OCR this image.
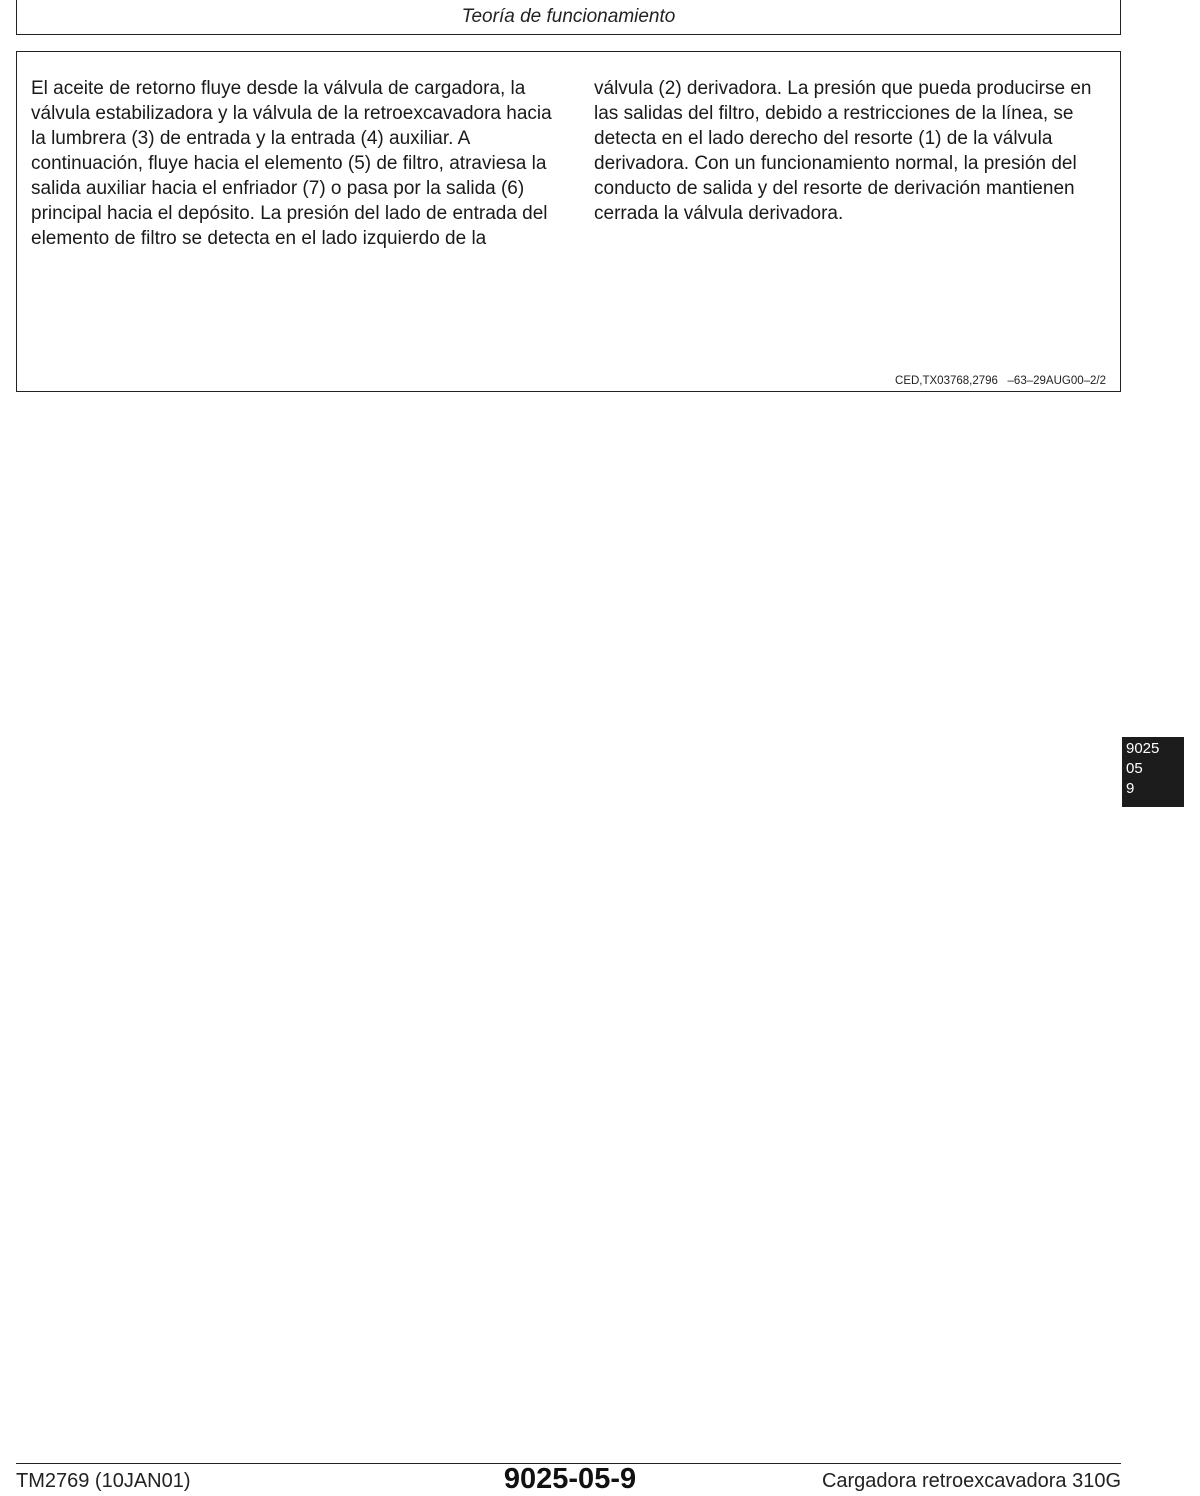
Teoría de funcionamiento

El aceite de retorno fluye desde la válvula de cargadora, la válvula estabilizadora y la válvula de la retroexcavadora hacia la lumbrera (3) de entrada y la entrada (4) auxiliar. A continuación, fluye hacia el elemento (5) de filtro, atraviesa la salida auxiliar hacia el enfriador (7) o pasa por la salida (6) principal hacia el depósito. La presión del lado de entrada del elemento de filtro se detecta en el lado izquierdo de la

válvula (2) derivadora. La presión que pueda producirse en las salidas del filtro, debido a restricciones de la línea, se detecta en el lado derecho del resorte (1) de la válvula derivadora. Con un funcionamiento normal, la presión del conducto de salida y del resorte de derivación mantienen cerrada la válvula derivadora.

CED,TX03768,2796   –63–29AUG00–2/2
9025
05
9
TM2769 (10JAN01)	9025-05-9	Cargadora retroexcavadora 310G
